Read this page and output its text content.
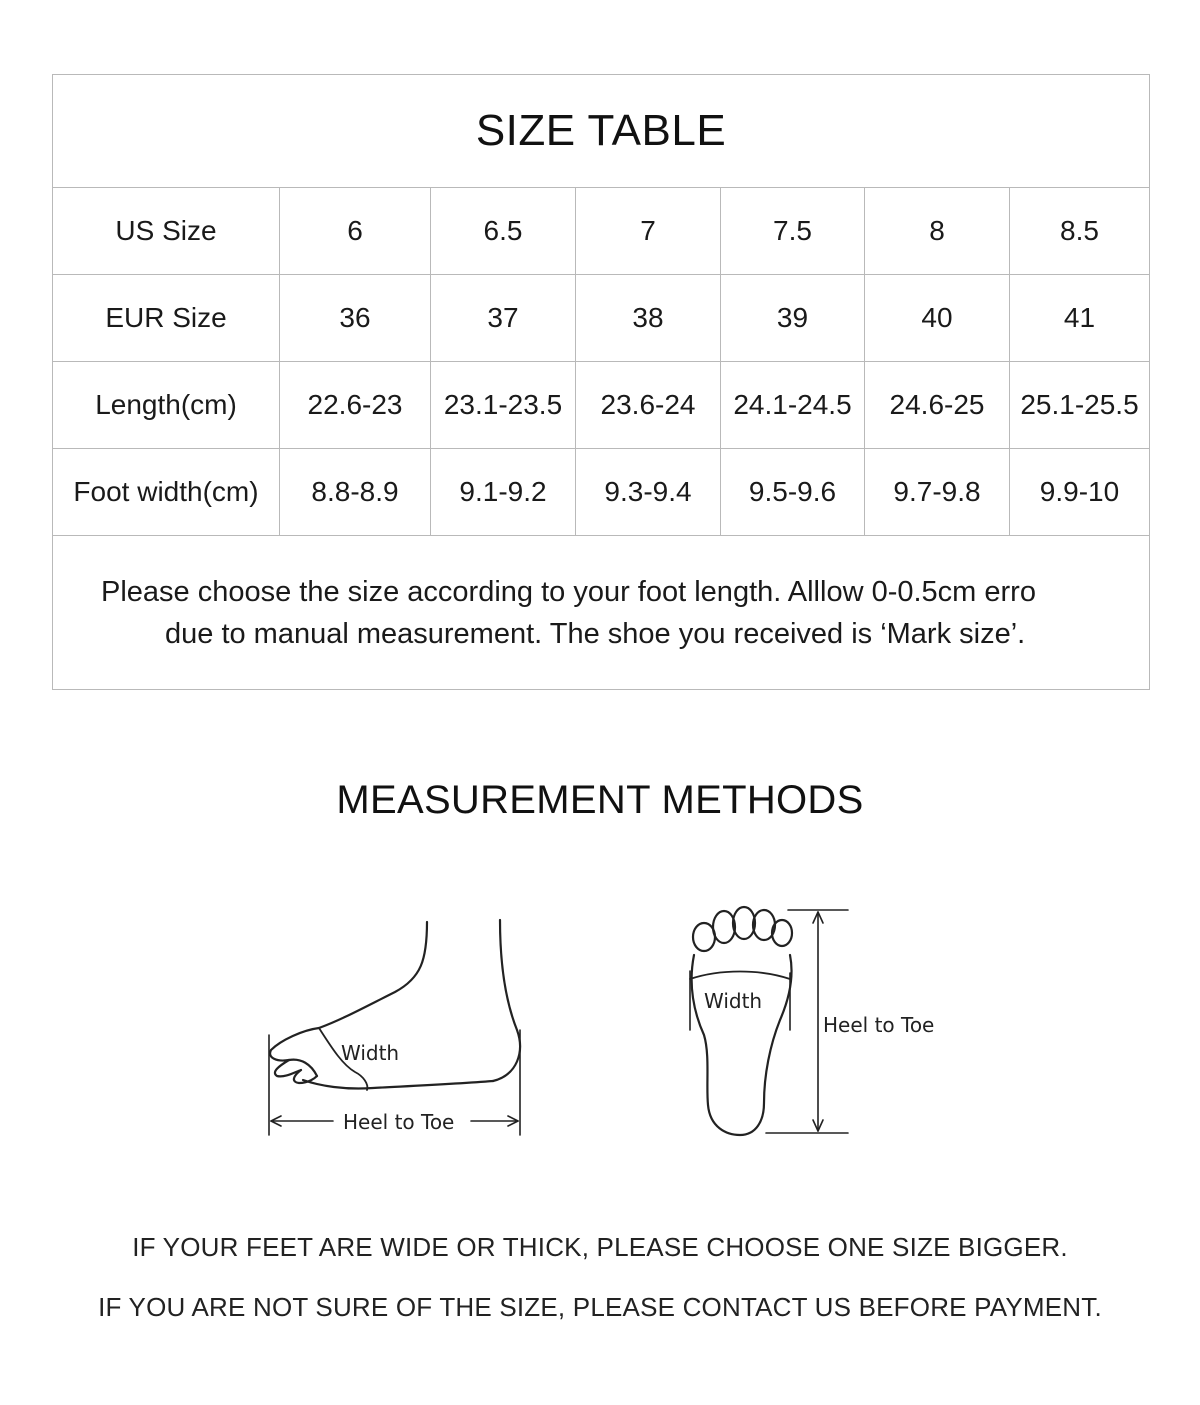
SIZE TABLE						
US Size	6	6.5	7	7.5	8	8.5
EUR Size	36	37	38	39	40	41
Length(cm)	22.6-23	23.1-23.5	23.6-24	24.1-24.5	24.6-25	25.1-25.5
Foot width(cm)	8.8-8.9	9.1-9.2	9.3-9.4	9.5-9.6	9.7-9.8	9.9-10

Please choose the size according to your foot length. Alllow 0-0.5cm erro
due to manual measurement. The shoe you received is ‘Mark size’.						
MEASUREMENT METHODS
Width
Heel to Toe
Width
Heel to Toe
IF YOUR FEET ARE WIDE OR THICK, PLEASE CHOOSE ONE SIZE BIGGER.
IF YOU ARE NOT SURE OF THE SIZE, PLEASE CONTACT US BEFORE PAYMENT.
